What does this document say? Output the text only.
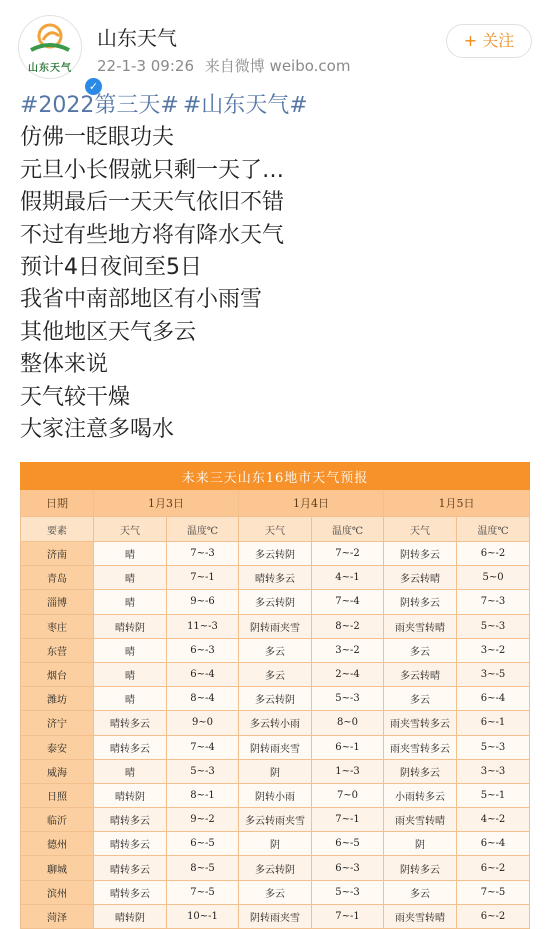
山东天气
✓
山东天气
22-1-3 09:26 来自微博 weibo.com
+ 关注
#2022第三天# #山东天气#
仿佛一眨眼功夫
元旦小长假就只剩一天了…
假期最后一天天气依旧不错
不过有些地方将有降水天气
预计4日夜间至5日
我省中南部地区有小雨雪
其他地区天气多云
整体来说
天气较干燥
大家注意多喝水
未来三天山东16地市天气预报						
日期	1月3日		1月4日		1月5日	
要素	天气	温度℃	天气	温度℃	天气	温度℃
济南	晴	7~-3	多云转阴	7~-2	阴转多云	6~-2
青岛	晴	7~-1	晴转多云	4~-1	多云转晴	5~0
淄博	晴	9~-6	多云转阴	7~-4	阴转多云	7~-3
枣庄	晴转阴	11~-3	阴转雨夹雪	8~-2	雨夹雪转晴	5~-3
东营	晴	6~-3	多云	3~-2	多云	3~-2
烟台	晴	6~-4	多云	2~-4	多云转晴	3~-5
潍坊	晴	8~-4	多云转阴	5~-3	多云	6~-4
济宁	晴转多云	9~0	多云转小雨	8~0	雨夹雪转多云	6~-1
泰安	晴转多云	7~-4	阴转雨夹雪	6~-1	雨夹雪转多云	5~-3
威海	晴	5~-3	阴	1~-3	阴转多云	3~-3
日照	晴转阴	8~-1	阴转小雨	7~0	小雨转多云	5~-1
临沂	晴转多云	9~-2	多云转雨夹雪	7~-1	雨夹雪转晴	4~-2
德州	晴转多云	6~-5	阴	6~-5	阴	6~-4
聊城	晴转多云	8~-5	多云转阴	6~-3	阴转多云	6~-2
滨州	晴转多云	7~-5	多云	5~-3	多云	7~-5
菏泽	晴转阴	10~-1	阴转雨夹雪	7~-1	雨夹雪转晴	6~-2
